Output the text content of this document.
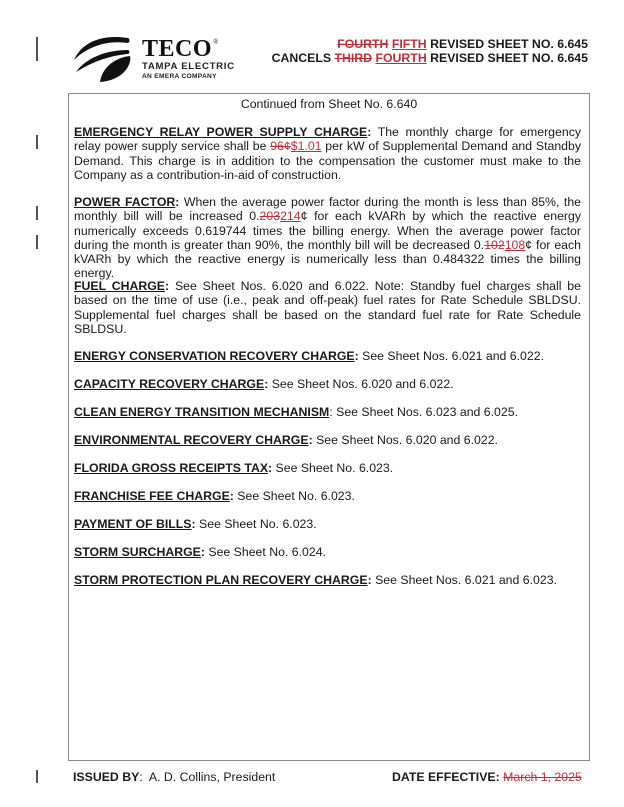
TECO®
TAMPA ELECTRIC
AN EMERA COMPANY
FOURTH FIFTH REVISED SHEET NO. 6.645
CANCELS THIRD FOURTH REVISED SHEET NO. 6.645
Continued from Sheet No. 6.640
EMERGENCY RELAY POWER SUPPLY CHARGE: The monthly charge for emergency relay power supply service shall be 96¢$1.01 per kW of Supplemental Demand and Standby Demand. This charge is in addition to the compensation the customer must make to the Company as a contribution-in-aid of construction.
POWER FACTOR: When the average power factor during the month is less than 85%, the monthly bill will be increased 0.203214¢ for each kVARh by which the reactive energy numerically exceeds 0.619744 times the billing energy. When the average power factor during the month is greater than 90%, the monthly bill will be decreased 0.102108¢ for each kVARh by which the reactive energy is numerically less than 0.484322 times the billing energy.
FUEL CHARGE: See Sheet Nos. 6.020 and 6.022. Note: Standby fuel charges shall be based on the time of use (i.e., peak and off-peak) fuel rates for Rate Schedule SBLDSU. Supplemental fuel charges shall be based on the standard fuel rate for Rate Schedule SBLDSU.
ENERGY CONSERVATION RECOVERY CHARGE: See Sheet Nos. 6.021 and 6.022.
CAPACITY RECOVERY CHARGE: See Sheet Nos. 6.020 and 6.022.
CLEAN ENERGY TRANSITION MECHANISM: See Sheet Nos. 6.023 and 6.025.
ENVIRONMENTAL RECOVERY CHARGE: See Sheet Nos. 6.020 and 6.022.
FLORIDA GROSS RECEIPTS TAX: See Sheet No. 6.023.
FRANCHISE FEE CHARGE: See Sheet No. 6.023.
PAYMENT OF BILLS: See Sheet No. 6.023.
STORM SURCHARGE: See Sheet No. 6.024.
STORM PROTECTION PLAN RECOVERY CHARGE: See Sheet Nos. 6.021 and 6.023.
ISSUED BY:  A. D. Collins, President	DATE EFFECTIVE: March 1, 2025
